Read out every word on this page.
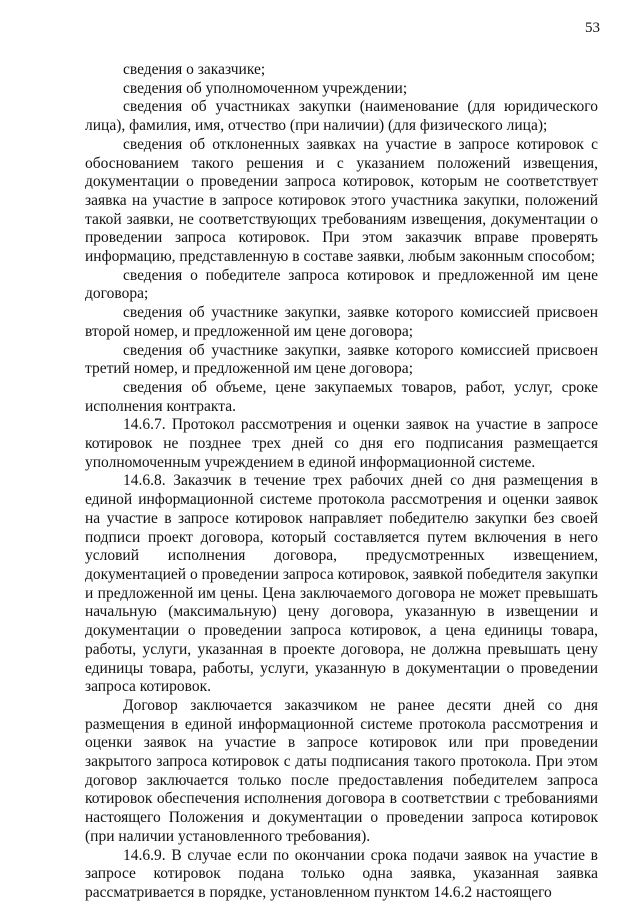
53

сведения о заказчике;

сведения об уполномоченном учреждении;

сведения об участниках закупки (наименование (для юридического лица), фамилия, имя, отчество (при наличии) (для физического лица);

сведения об отклоненных заявках на участие в запросе котировок с обоснованием такого решения и с указанием положений извещения, документации о проведении запроса котировок, которым не соответствует заявка на участие в запросе котировок этого участника закупки, положений такой заявки, не соответствующих требованиям извещения, документации о проведении запроса котировок. При этом заказчик вправе проверять информацию, представленную в составе заявки, любым законным способом;

сведения о победителе запроса котировок и предложенной им цене договора;

сведения об участнике закупки, заявке которого комиссией присвоен второй номер, и предложенной им цене договора;

сведения об участнике закупки, заявке которого комиссией присвоен третий номер, и предложенной им цене договора;

сведения об объеме, цене закупаемых товаров, работ, услуг, сроке исполнения контракта.

14.6.7. Протокол рассмотрения и оценки заявок на участие в запросе котировок не позднее трех дней со дня его подписания размещается уполномоченным учреждением в единой информационной системе.

14.6.8. Заказчик в течение трех рабочих дней со дня размещения в единой информационной системе протокола рассмотрения и оценки заявок на участие в запросе котировок направляет победителю закупки без своей подписи проект договора, который составляется путем включения в него условий исполнения договора, предусмотренных извещением, документацией о проведении запроса котировок, заявкой победителя закупки и предложенной им цены. Цена заключаемого договора не может превышать начальную (максимальную) цену договора, указанную в извещении и документации о проведении запроса котировок, а цена единицы товара, работы, услуги, указанная в проекте договора, не должна превышать цену единицы товара, работы, услуги, указанную в документации о проведении запроса котировок.

Договор заключается заказчиком не ранее десяти дней со дня размещения в единой информационной системе протокола рассмотрения и оценки заявок на участие в запросе котировок или при проведении закрытого запроса котировок с даты подписания такого протокола. При этом договор заключается только после предоставления победителем запроса котировок обеспечения исполнения договора в соответствии с требованиями настоящего Положения и документации о проведении запроса котировок (при наличии установленного требования).

14.6.9. В случае если по окончании срока подачи заявок на участие в запросе котировок подана только одна заявка, указанная заявка рассматривается в порядке, установленном пунктом 14.6.2 настоящего
